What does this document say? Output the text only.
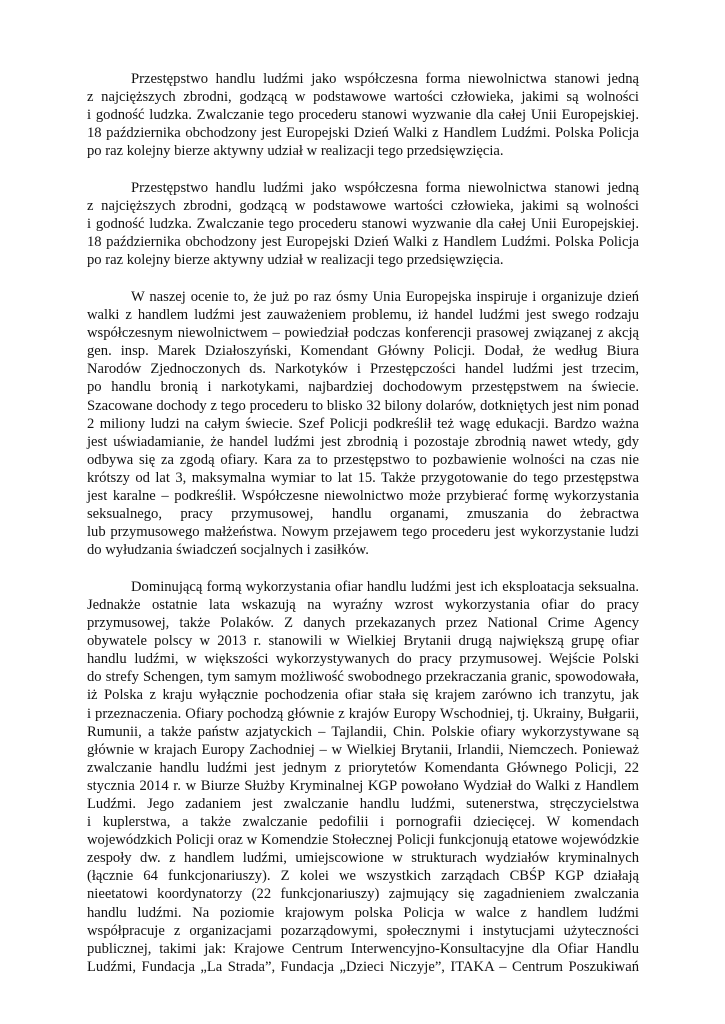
Przestępstwo handlu ludźmi jako współczesna forma niewolnictwa stanowi jedną
z najcięższych zbrodni, godzącą w podstawowe wartości człowieka, jakimi są wolności
i godność ludzka. Zwalczanie tego procederu stanowi wyzwanie dla całej Unii Europejskiej.
18 października obchodzony jest Europejski Dzień Walki z Handlem Ludźmi. Polska Policja
po raz kolejny bierze aktywny udział w realizacji tego przedsięwzięcia.
Przestępstwo handlu ludźmi jako współczesna forma niewolnictwa stanowi jedną
z najcięższych zbrodni, godzącą w podstawowe wartości człowieka, jakimi są wolności
i godność ludzka. Zwalczanie tego procederu stanowi wyzwanie dla całej Unii Europejskiej.
18 października obchodzony jest Europejski Dzień Walki z Handlem Ludźmi. Polska Policja
po raz kolejny bierze aktywny udział w realizacji tego przedsięwzięcia.
W naszej ocenie to, że już po raz ósmy Unia Europejska inspiruje i organizuje dzień
walki z handlem ludźmi jest zauważeniem problemu, iż handel ludźmi jest swego rodzaju
współczesnym niewolnictwem – powiedział podczas konferencji prasowej związanej z akcją
gen. insp. Marek Działoszyński, Komendant Główny Policji. Dodał, że według Biura
Narodów Zjednoczonych ds. Narkotyków i Przestępczości handel ludźmi jest trzecim,
po handlu bronią i narkotykami, najbardziej dochodowym przestępstwem na świecie.
Szacowane dochody z tego procederu to blisko 32 bilony dolarów, dotkniętych jest nim ponad
2 miliony ludzi na całym świecie. Szef Policji podkreślił też wagę edukacji. Bardzo ważna
jest uświadamianie, że handel ludźmi jest zbrodnią i pozostaje zbrodnią nawet wtedy, gdy
odbywa się za zgodą ofiary. Kara za to przestępstwo to pozbawienie wolności na czas nie
krótszy od lat 3, maksymalna wymiar to lat 15. Także przygotowanie do tego przestępstwa
jest karalne – podkreślił. Współczesne niewolnictwo może przybierać formę wykorzystania
seksualnego, pracy przymusowej, handlu organami, zmuszania do żebractwa
lub przymusowego małżeństwa. Nowym przejawem tego procederu jest wykorzystanie ludzi
do wyłudzania świadczeń socjalnych i zasiłków.
Dominującą formą wykorzystania ofiar handlu ludźmi jest ich eksploatacja seksualna.
Jednakże ostatnie lata wskazują na wyraźny wzrost wykorzystania ofiar do pracy
przymusowej, także Polaków. Z danych przekazanych przez National Crime Agency
obywatele polscy w 2013 r. stanowili w Wielkiej Brytanii drugą największą grupę ofiar
handlu ludźmi, w większości wykorzystywanych do pracy przymusowej. Wejście Polski
do strefy Schengen, tym samym możliwość swobodnego przekraczania granic, spowodowała,
iż Polska z kraju wyłącznie pochodzenia ofiar stała się krajem zarówno ich tranzytu, jak
i przeznaczenia. Ofiary pochodzą głównie z krajów Europy Wschodniej, tj. Ukrainy, Bułgarii,
Rumunii, a także państw azjatyckich – Tajlandii, Chin. Polskie ofiary wykorzystywane są
głównie w krajach Europy Zachodniej – w Wielkiej Brytanii, Irlandii, Niemczech. Ponieważ
zwalczanie handlu ludźmi jest jednym z priorytetów Komendanta Głównego Policji, 22
stycznia 2014 r. w Biurze Służby Kryminalnej KGP powołano Wydział do Walki z Handlem
Ludźmi. Jego zadaniem jest zwalczanie handlu ludźmi, sutenerstwa, stręczycielstwa
i kuplerstwa, a także zwalczanie pedofilii i pornografii dziecięcej. W komendach
wojewódzkich Policji oraz w Komendzie Stołecznej Policji funkcjonują etatowe wojewódzkie
zespoły dw. z handlem ludźmi, umiejscowione w strukturach wydziałów kryminalnych
(łącznie 64 funkcjonariuszy). Z kolei we wszystkich zarządach CBŚP KGP działają
nieetatowi koordynatorzy (22 funkcjonariuszy) zajmujący się zagadnieniem zwalczania
handlu ludźmi. Na poziomie krajowym polska Policja w walce z handlem ludźmi
współpracuje z organizacjami pozarządowymi, społecznymi i instytucjami użyteczności
publicznej, takimi jak: Krajowe Centrum Interwencyjno-Konsultacyjne dla Ofiar Handlu
Ludźmi, Fundacja „La Strada”, Fundacja „Dzieci Niczyje”, ITAKA – Centrum Poszukiwań
